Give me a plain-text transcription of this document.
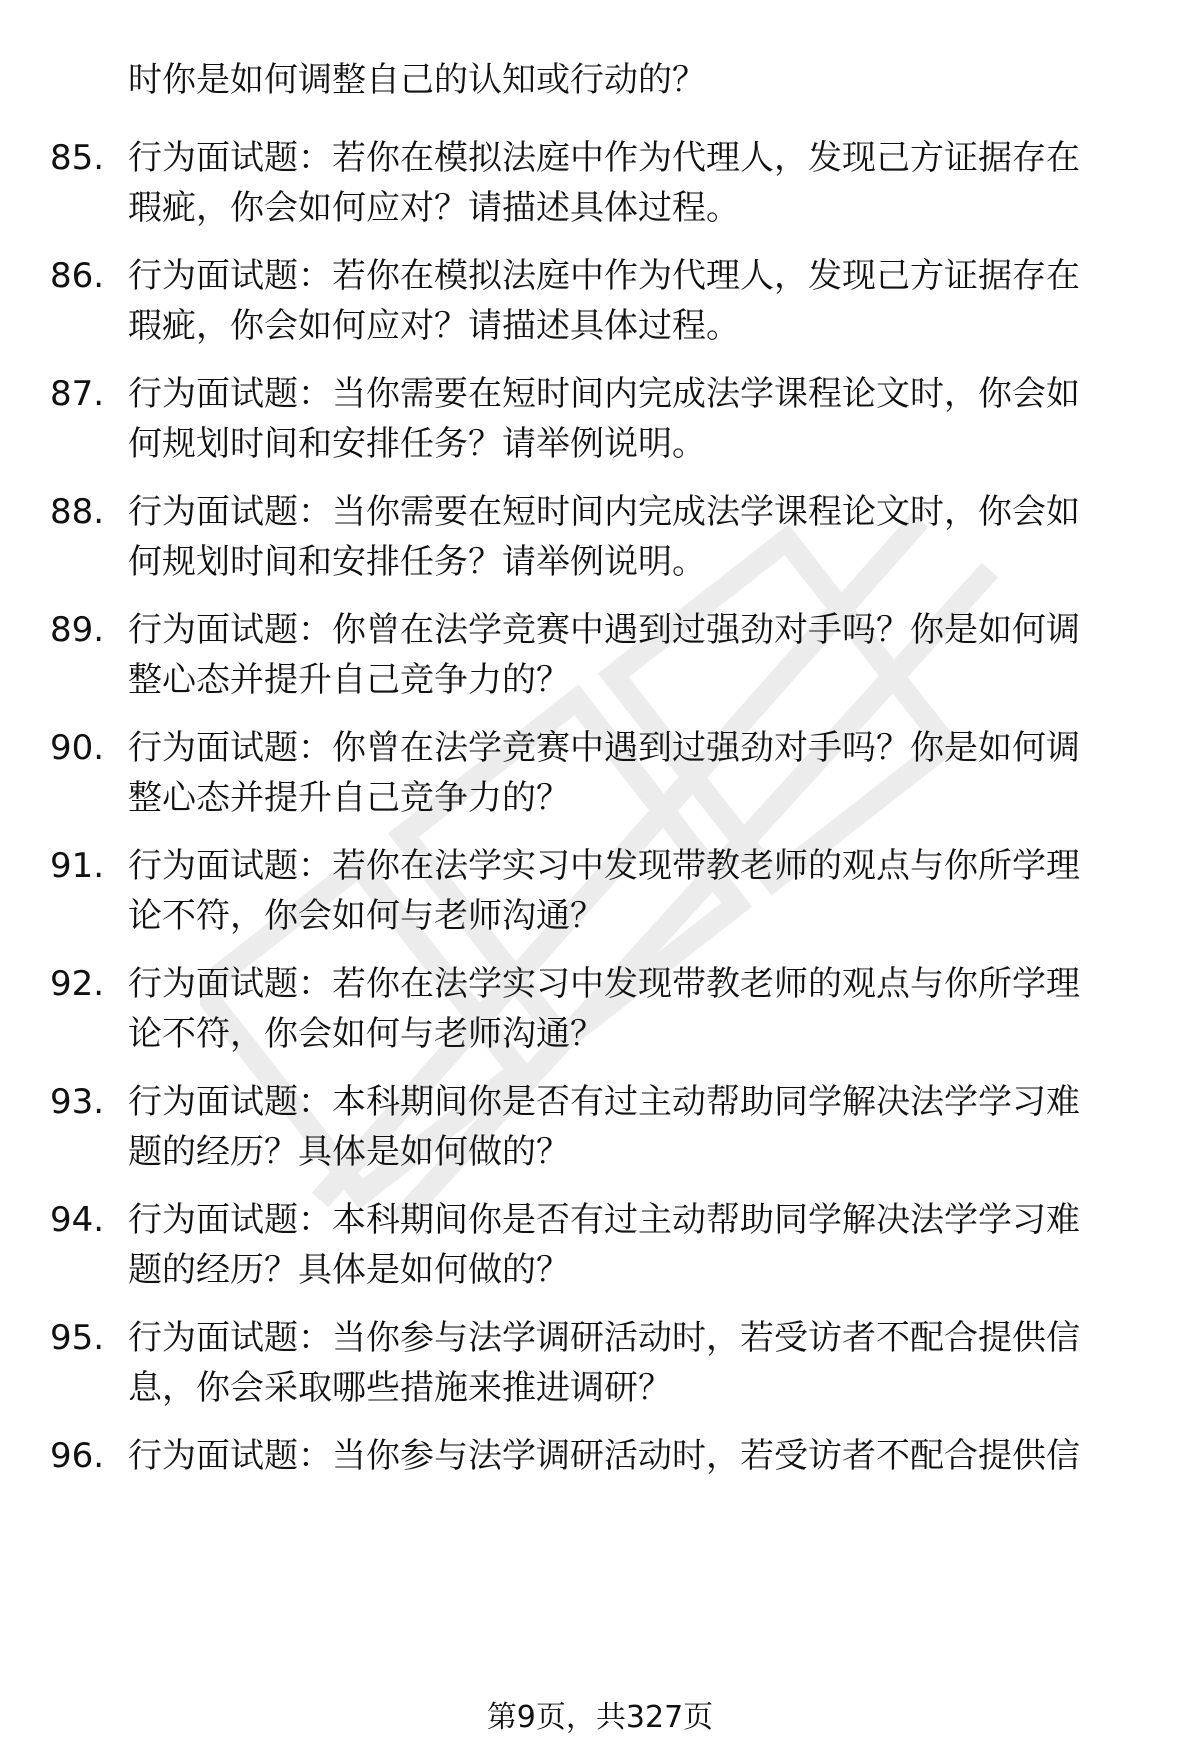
时你是如何调整自己的认知或行动的？
85. 行为面试题：若你在模拟法庭中作为代理人，发现己方证据存在
瑕疵，你会如何应对？请描述具体过程。
86. 行为面试题：若你在模拟法庭中作为代理人，发现己方证据存在
瑕疵，你会如何应对？请描述具体过程。
87. 行为面试题：当你需要在短时间内完成法学课程论文时，你会如
何规划时间和安排任务？请举例说明。
88. 行为面试题：当你需要在短时间内完成法学课程论文时，你会如
何规划时间和安排任务？请举例说明。
89. 行为面试题：你曾在法学竞赛中遇到过强劲对手吗？你是如何调
整心态并提升自己竞争力的？
90. 行为面试题：你曾在法学竞赛中遇到过强劲对手吗？你是如何调
整心态并提升自己竞争力的？
91. 行为面试题：若你在法学实习中发现带教老师的观点与你所学理
论不符，你会如何与老师沟通？
92. 行为面试题：若你在法学实习中发现带教老师的观点与你所学理
论不符，你会如何与老师沟通？
93. 行为面试题：本科期间你是否有过主动帮助同学解决法学学习难
题的经历？具体是如何做的？
94. 行为面试题：本科期间你是否有过主动帮助同学解决法学学习难
题的经历？具体是如何做的？
95. 行为面试题：当你参与法学调研活动时，若受访者不配合提供信
息，你会采取哪些措施来推进调研？
96. 行为面试题：当你参与法学调研活动时，若受访者不配合提供信
第9页，共327页
